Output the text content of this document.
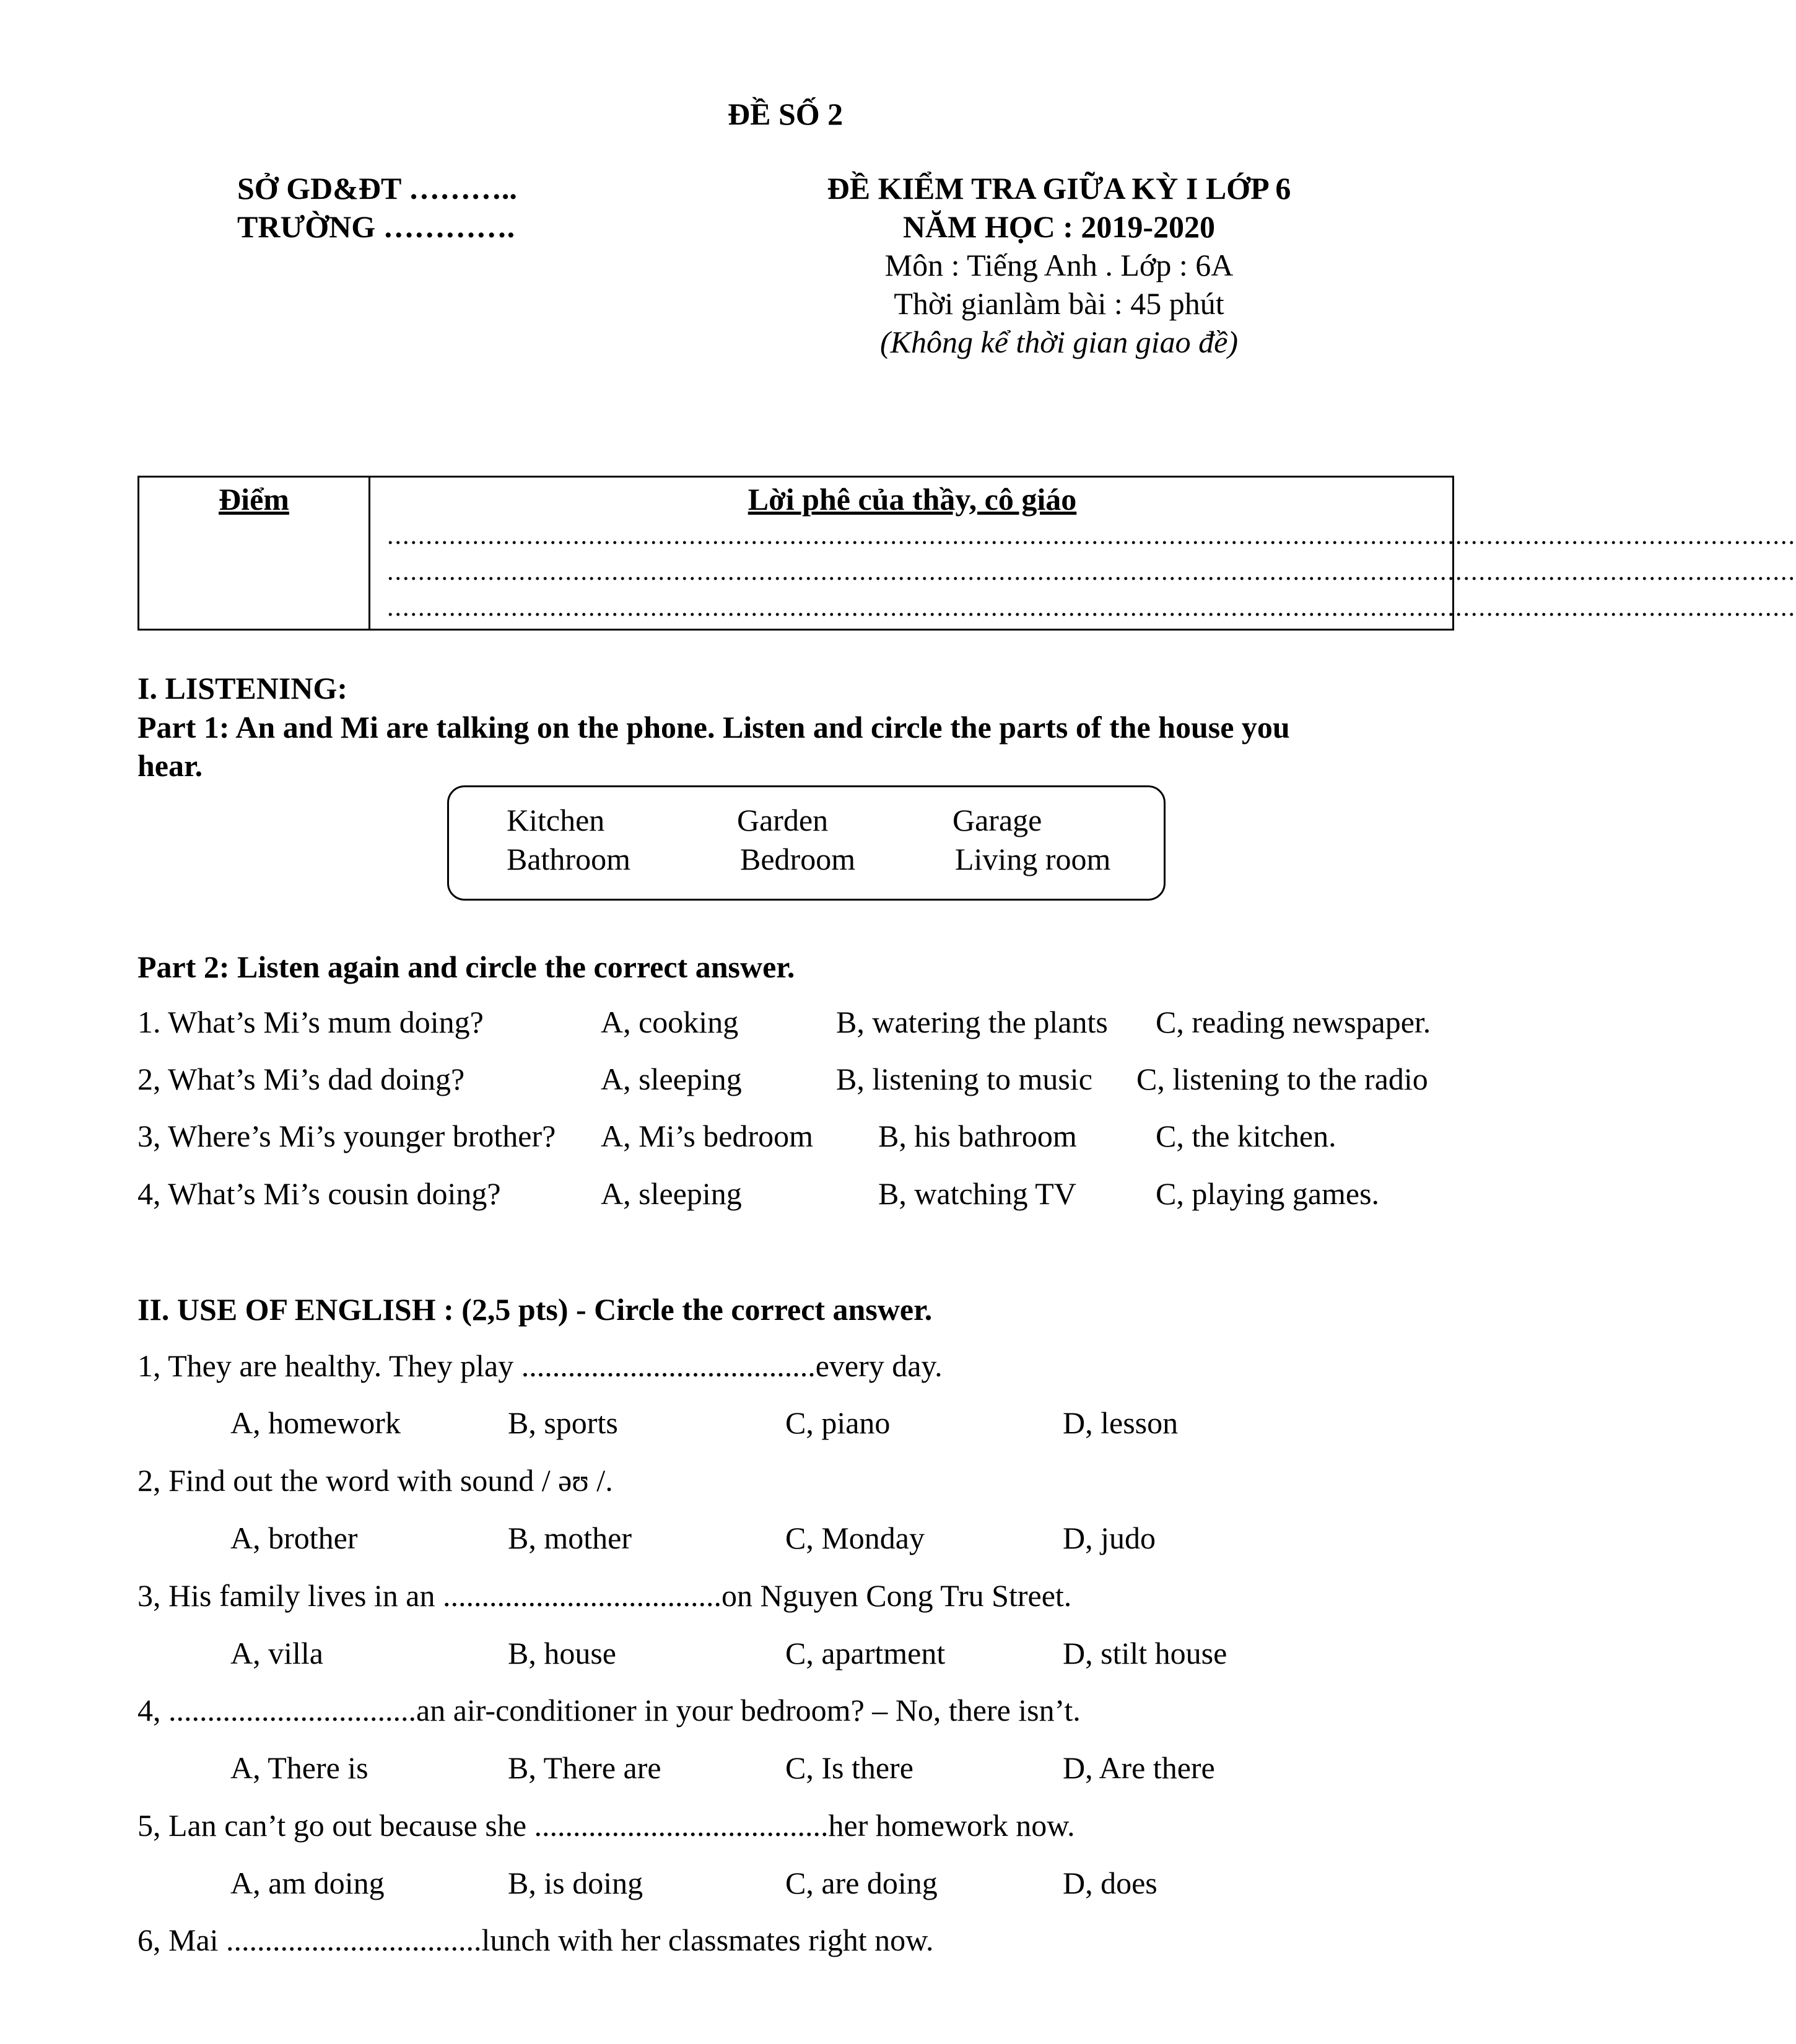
ĐỀ SỐ 2
SỞ GD&ĐT ………..
TRƯỜNG ………….
ĐỀ KIỂM TRA GIỮA KỲ I LỚP 6
NĂM HỌC : 2019-2020
Môn : Tiếng Anh . Lớp : 6A
Thời gianlàm bài : 45 phút
(Không kể thời gian giao đề)
Điểm	Lời phê của thầy, cô giáo
......................................................................................................................................................................................
......................................................................................................................................................................................
......................................................................................................................................................................................
I. LISTENING:
Part 1: An and Mi are talking on the phone. Listen and circle the parts of the house you
hear.
Kitchen	Garden	Garage
Bathroom	Bedroom	Living room
Part 2: Listen again and circle the correct answer.
1. What’s Mi’s mum doing?	A, cooking	B, watering the plants C, reading newspaper.
2, What’s Mi’s dad doing?	A, sleeping	B, listening to music C, listening to the radio
3, Where’s Mi’s younger brother? A, Mi’s bedroom B, his bathroom	C, the kitchen.
4, What’s Mi’s cousin doing?	A, sleeping	B, watching TV	C, playing games.
II. USE OF ENGLISH : (2,5 pts) - Circle the correct answer.
1, They are healthy. They play ......................................every day.
A, homework	B, sports	C, piano	D, lesson
2, Find out the word with sound / əʊ /.
A, brother	B, mother	C, Monday	D, judo
3, His family lives in an ....................................on Nguyen Cong Tru Street.
A, villa	B, house	C, apartment	D, stilt house
4, ................................an air-conditioner in your bedroom? – No, there isn’t.
A, There is	B, There are	C, Is there	D, Are there
5, Lan can’t go out because she ......................................her homework now.
A, am doing	B, is doing	C, are doing	D, does
6, Mai .................................lunch with her classmates right now.
